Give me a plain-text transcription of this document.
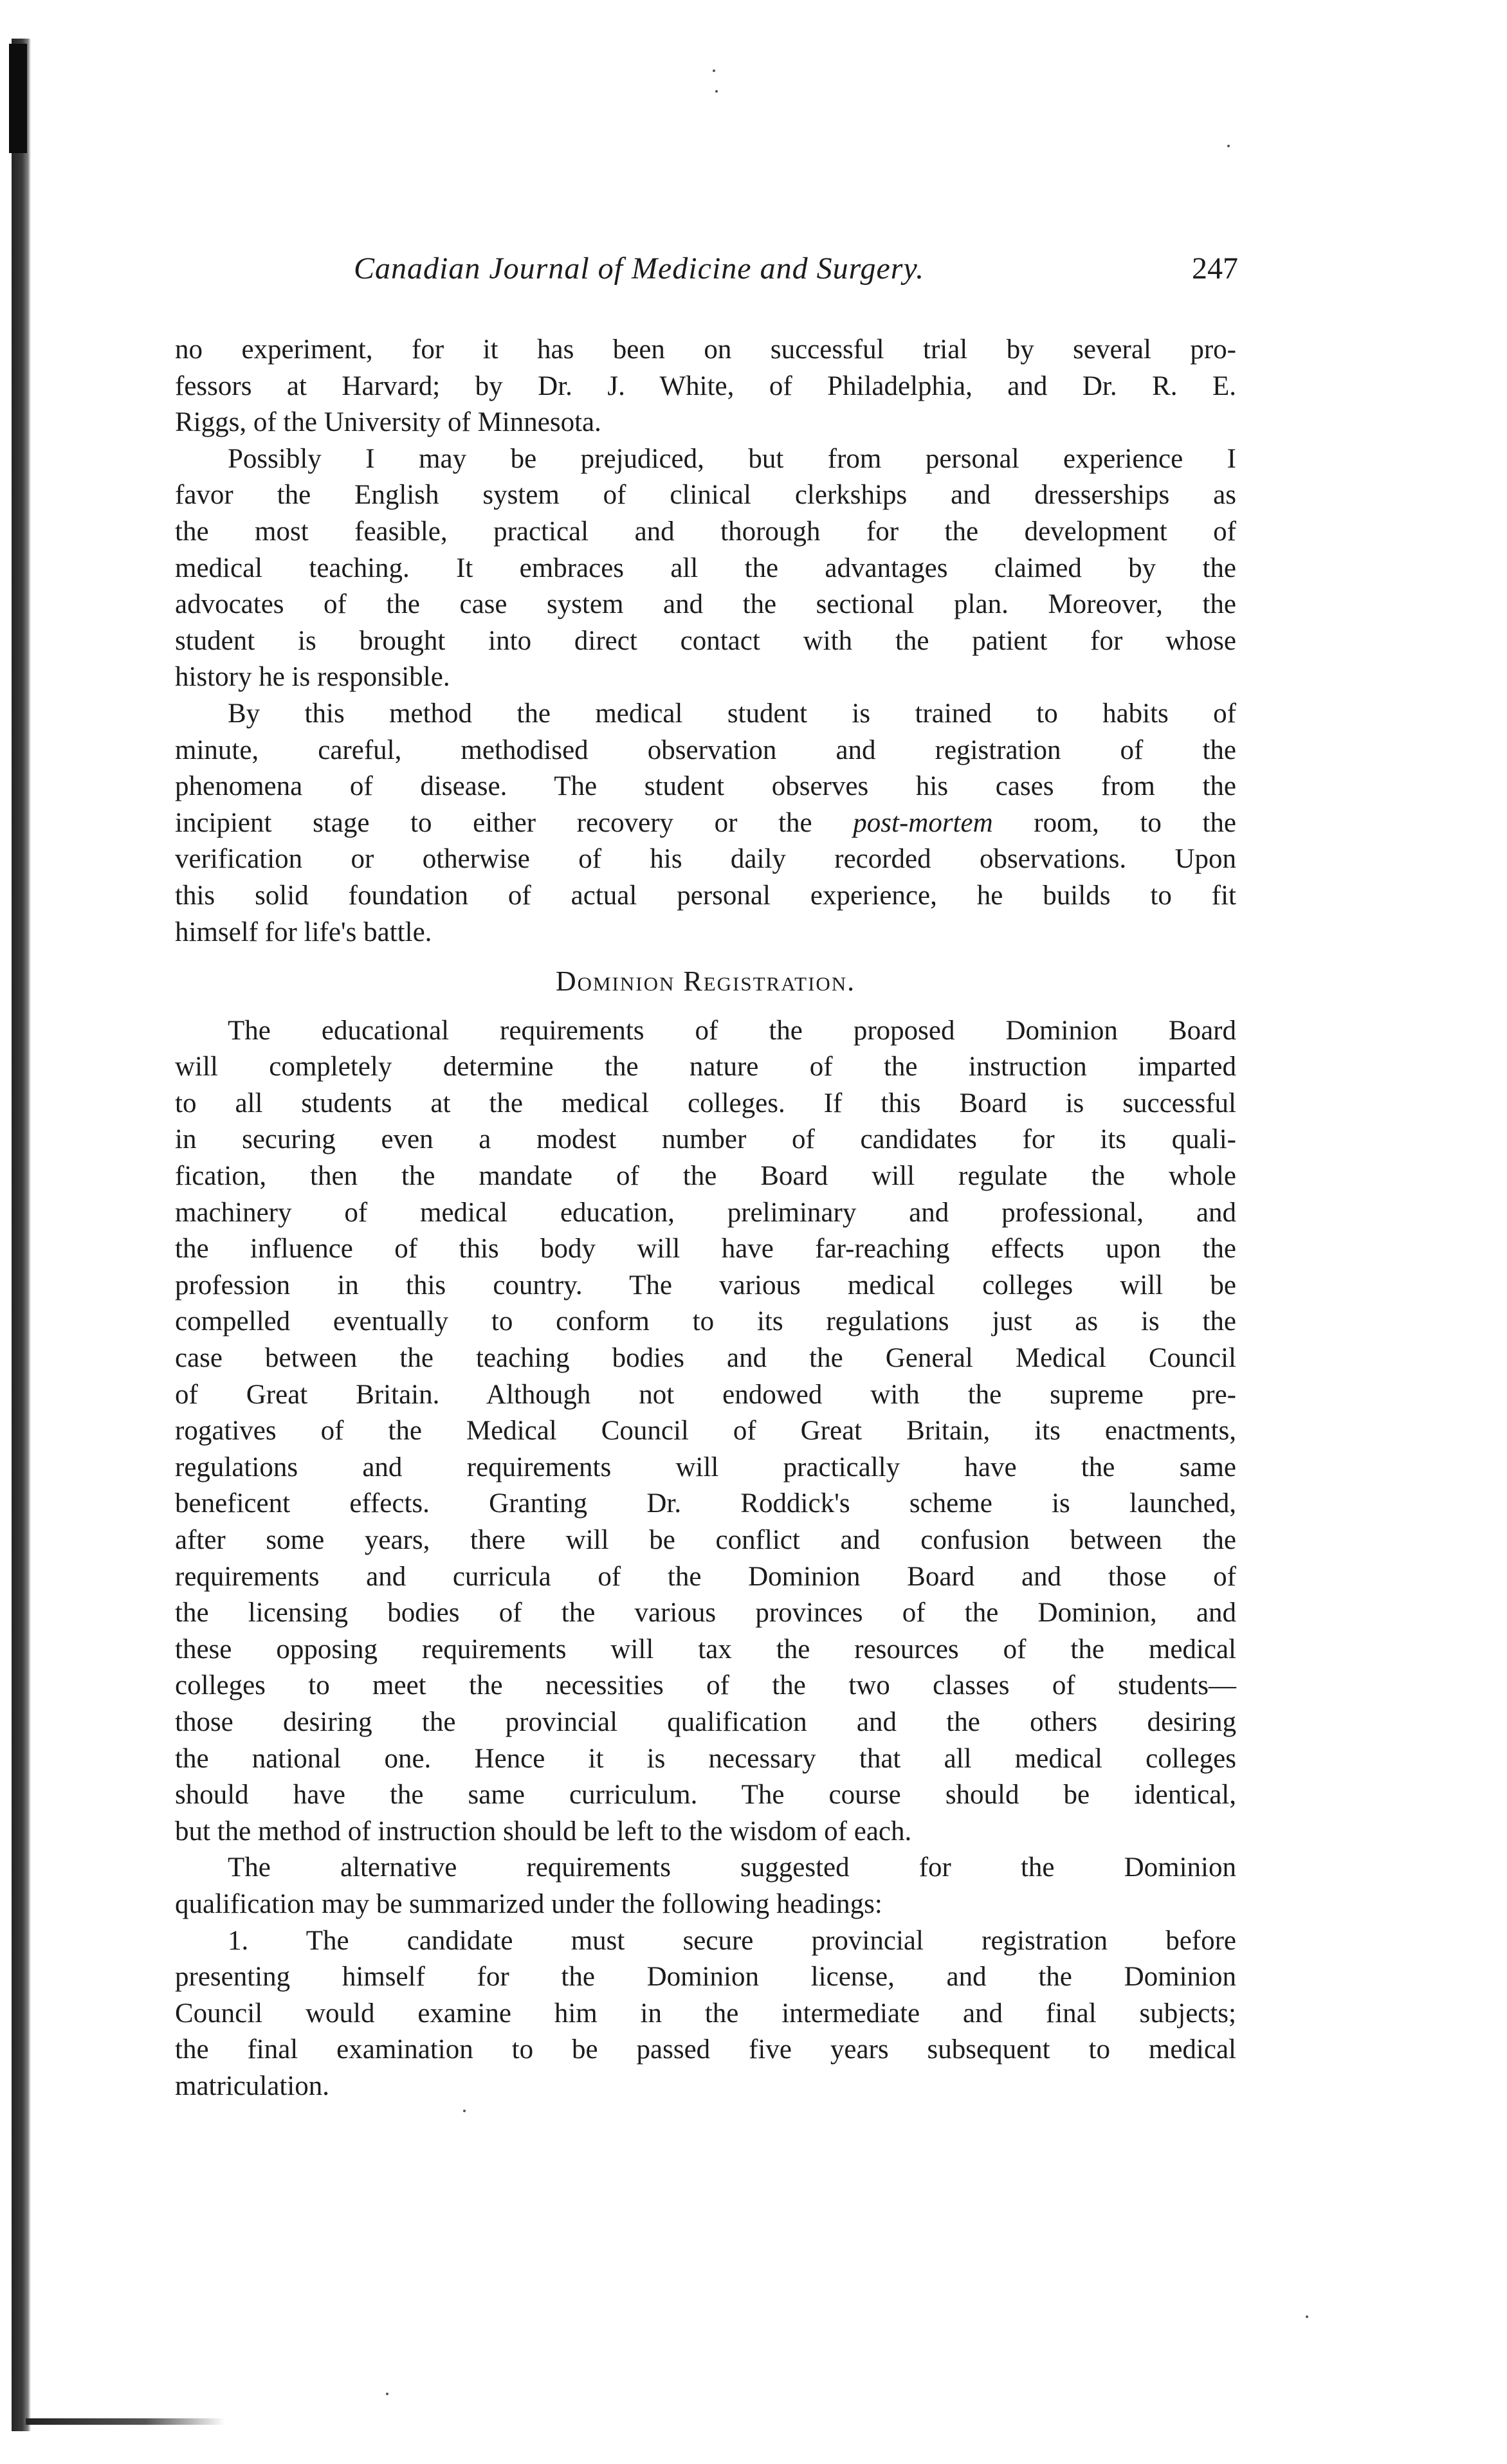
Canadian Journal of Medicine and Surgery.	247
no experiment, for it has been on successful trial by several pro-
fessors at Harvard; by Dr. J. White, of Philadelphia, and Dr. R. E.
Riggs, of the University of Minnesota.
Possibly I may be prejudiced, but from personal experience I
favor the English system of clinical clerkships and dresserships as
the most feasible, practical and thorough for the development of
medical teaching. It embraces all the advantages claimed by the
advocates of the case system and the sectional plan. Moreover, the
student is brought into direct contact with the patient for whose
history he is responsible.
By this method the medical student is trained to habits of
minute, careful, methodised observation and registration of the
phenomena of disease. The student observes his cases from the
incipient stage to either recovery or the post-mortem room, to the
verification or otherwise of his daily recorded observations. Upon
this solid foundation of actual personal experience, he builds to fit
himself for life's battle.
Dominion Registration.
The educational requirements of the proposed Dominion Board
will completely determine the nature of the instruction imparted
to all students at the medical colleges. If this Board is successful
in securing even a modest number of candidates for its quali-
fication, then the mandate of the Board will regulate the whole
machinery of medical education, preliminary and professional, and
the influence of this body will have far-reaching effects upon the
profession in this country. The various medical colleges will be
compelled eventually to conform to its regulations just as is the
case between the teaching bodies and the General Medical Council
of Great Britain. Although not endowed with the supreme pre-
rogatives of the Medical Council of Great Britain, its enactments,
regulations and requirements will practically have the same
beneficent effects. Granting Dr. Roddick's scheme is launched,
after some years, there will be conflict and confusion between the
requirements and curricula of the Dominion Board and those of
the licensing bodies of the various provinces of the Dominion, and
these opposing requirements will tax the resources of the medical
colleges to meet the necessities of the two classes of students—
those desiring the provincial qualification and the others desiring
the national one. Hence it is necessary that all medical colleges
should have the same curriculum. The course should be identical,
but the method of instruction should be left to the wisdom of each.
The alternative requirements suggested for the Dominion
qualification may be summarized under the following headings:
1. The candidate must secure provincial registration before
presenting himself for the Dominion license, and the Dominion
Council would examine him in the intermediate and final subjects;
the final examination to be passed five years subsequent to medical
matriculation.
